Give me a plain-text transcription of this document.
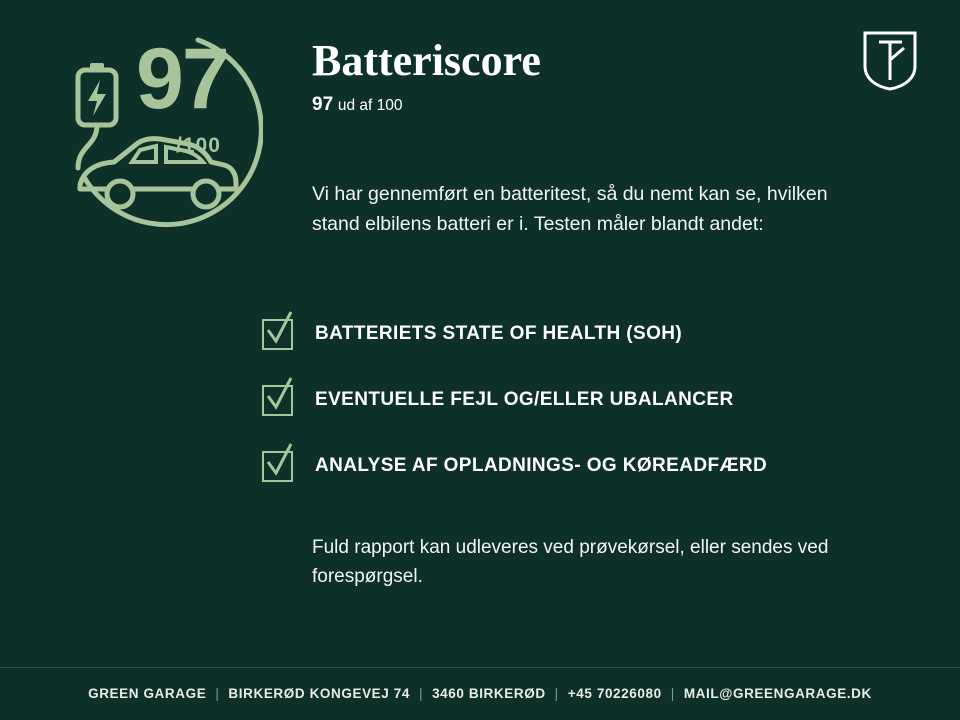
97
/100
Batteriscore
97 ud af 100
Vi har gennemført en batteritest, så du nemt kan se, hvilken stand elbilens batteri er i. Testen måler blandt andet:
BATTERIETS STATE OF HEALTH (SOH)
EVENTUELLE FEJL OG/ELLER UBALANCER
ANALYSE AF OPLADNINGS- OG KØREADFÆRD
Fuld rapport kan udleveres ved prøvekørsel, eller sendes ved forespørgsel.
GREEN GARAGE | BIRKERØD KONGEVEJ 74 | 3460 BIRKERØD | +45 70226080 | MAIL@GREENGARAGE.DK
